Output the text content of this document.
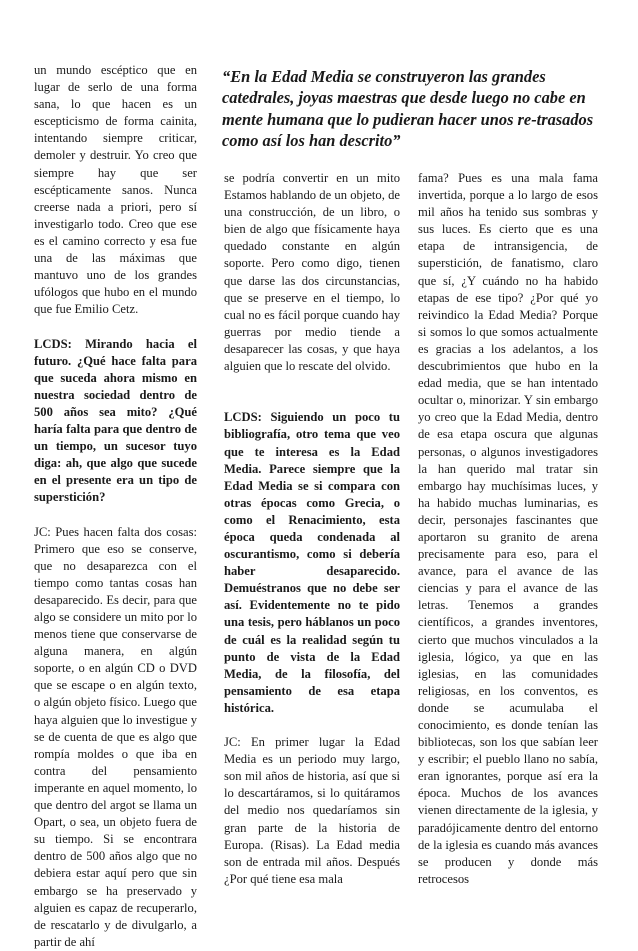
“En la Edad Media se construyeron las grandes catedrales, joyas maestras que desde luego no cabe en mente humana que lo pudieran hacer unos re-trasados como así los han descrito”

un mundo escéptico que en lugar de serlo de una forma sana, lo que hacen es un escepticismo de forma cainita, intentando siempre criticar, demoler y destruir. Yo creo que siempre hay que ser escépticamente sanos. Nunca creerse nada a priori, pero sí investigarlo todo. Creo que ese es el camino correcto y esa fue una de las máximas que mantuvo uno de los grandes ufólogos que hubo en el mundo que fue Emilio Cetz.

LCDS: Mirando hacia el futuro. ¿Qué hace falta para que suceda ahora mismo en nuestra sociedad dentro de 500 años sea mito? ¿Qué haría falta para que dentro de un tiempo, un sucesor tuyo diga: ah, que algo que sucede en el presente era un tipo de superstición?

JC: Pues hacen falta dos cosas: Primero que eso se conserve, que no desaparezca con el tiempo como tantas cosas han desaparecido. Es decir, para que algo se considere un mito por lo menos tiene que conservarse de alguna manera, en algún soporte, o en algún CD o DVD que se escape o en algún texto, o algún objeto físico. Luego que haya alguien que lo investigue y se de cuenta de que es algo que rompía moldes o que iba en contra del pensamiento imperante en aquel momento, lo que dentro del argot se llama un Opart, o sea, un objeto fuera de su tiempo. Si se encontrara dentro de 500 años algo que no debiera estar aquí pero que sin embargo se ha preservado y alguien es capaz de recuperarlo, de rescatarlo y de divulgarlo, a partir de ahí

se podría convertir en un mito Estamos hablando de un objeto, de una construcción, de un libro, o bien de algo que físicamente haya quedado constante en algún soporte. Pero como digo, tienen que darse las dos circunstancias, que se preserve en el tiempo, lo cual no es fácil porque cuando hay guerras por medio tiende a desaparecer las cosas, y que haya alguien que lo rescate del olvido.

LCDS: Siguiendo un poco tu bibliografía, otro tema que veo que te interesa es la Edad Media. Parece siempre que la Edad Media se si compara con otras épocas como Grecia, o como el Renacimiento, esta época queda condenada al oscurantismo, como si debería haber desaparecido. Demuéstranos que no debe ser así. Evidentemente no te pido una tesis, pero háblanos un poco de cuál es la realidad según tu punto de vista de la Edad Media, de la filosofía, del pensamiento de esa etapa histórica.

JC: En primer lugar la Edad Media es un periodo muy largo, son mil años de historia, así que si lo descartáramos, si lo quitáramos del medio nos quedaríamos sin gran parte de la historia de Europa. (Risas). La Edad media son de entrada mil años. Después ¿Por qué tiene esa mala

fama? Pues es una mala fama invertida, porque a lo largo de esos mil años ha tenido sus sombras y sus luces. Es cierto que es una etapa de intransigencia, de superstición, de fanatismo, claro que sí, ¿Y cuándo no ha habido etapas de ese tipo? ¿Por qué yo reivindico la Edad Media? Porque si somos lo que somos actualmente es gracias a los adelantos, a los descubrimientos que hubo en la edad media, que se han intentado ocultar o, minorizar. Y sin embargo yo creo que la Edad Media, dentro de esa etapa oscura que algunas personas, o algunos investigadores la han querido mal tratar sin embargo hay muchísimas luces, y ha habido muchas luminarias, es decir, personajes fascinantes que aportaron su granito de arena precisamente para eso, para el avance, para el avance de las ciencias y para el avance de las letras. Tenemos a grandes científicos, a grandes inventores, cierto que muchos vinculados a la iglesia, lógico, ya que en las iglesias, en las comunidades religiosas, en los conventos, es donde se acumulaba el conocimiento, es donde tenían las bibliotecas, son los que sabían leer y escribir; el pueblo llano no sabía, eran ignorantes, porque así era la época. Muchos de los avances vienen directamente de la iglesia, y paradójicamente dentro del entorno de la iglesia es cuando más avances se producen y donde más retrocesos
